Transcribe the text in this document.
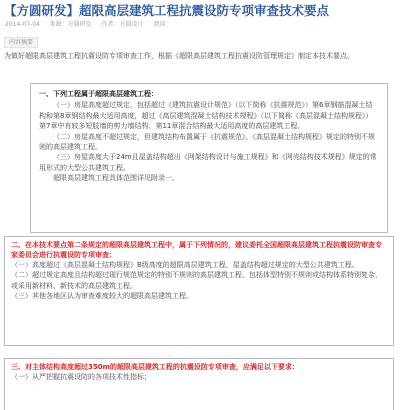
【方圆研发】超限高层建筑工程抗震设防专项审查技术要点
2014-07-04 　 来源：方圆研发 　 作者：方圆设计 　 阅读：
内容摘要
为做好超限高层建筑工程抗震设防专项审查工作，根据《超限高层建筑工程抗震设防管理规定》制定本技术要点。
一、下列工程属于超限高层建筑工程：

（一）房屋高度超过规定，包括超过《建筑抗震设计规范》（以下简称《抗震规范》）第6章钢筋混凝土结构和第8章钢结构最大适用高度，超过《高层建筑混凝土结构技术规程》（以下简称《高层混凝土结构规程》）第7章中有较多短肢墙的剪力墙结构、第11章混合结构最大适用高度的高层建筑工程。

（二）房屋高度不超过规定，但建筑结构布置属于《抗震规范》、《高层混凝土结构规程》规定的特别不规则的高层建筑工程。

（三）房屋高度大于24m且屋盖结构超出《网架结构设计与施工规程》和《网壳结构技术规程》规定的常用形式的大型公共建筑工程。

超限高层建筑工程具体范围详见附录一。

二、在本技术要点第二条规定的超限高层建筑工程中，属于下列情况的，建议委托全国超限高层建筑工程抗震设防审查专家委员会进行抗震设防专项审查：

（一）高度超过《高层混凝土结构规程》B级高度的超限高层建筑工程，屋盖结构超过规定的大型公共建筑工程。

（二）超过规定高度且结构超过现行规范规定的特别不规则的高层建筑工程，包括体型特别不规则或结构体系特别复杂，或采用新材料、新技术的高层建筑工程。

（三）其他各地区认为审查难度较大的超限高层建筑工程。

三、对主体结构高度超过350m的超限高层建筑工程的抗震设防专项审查，应满足以下要求：

（一）从严把握抗震设防的各项技术性指标；
